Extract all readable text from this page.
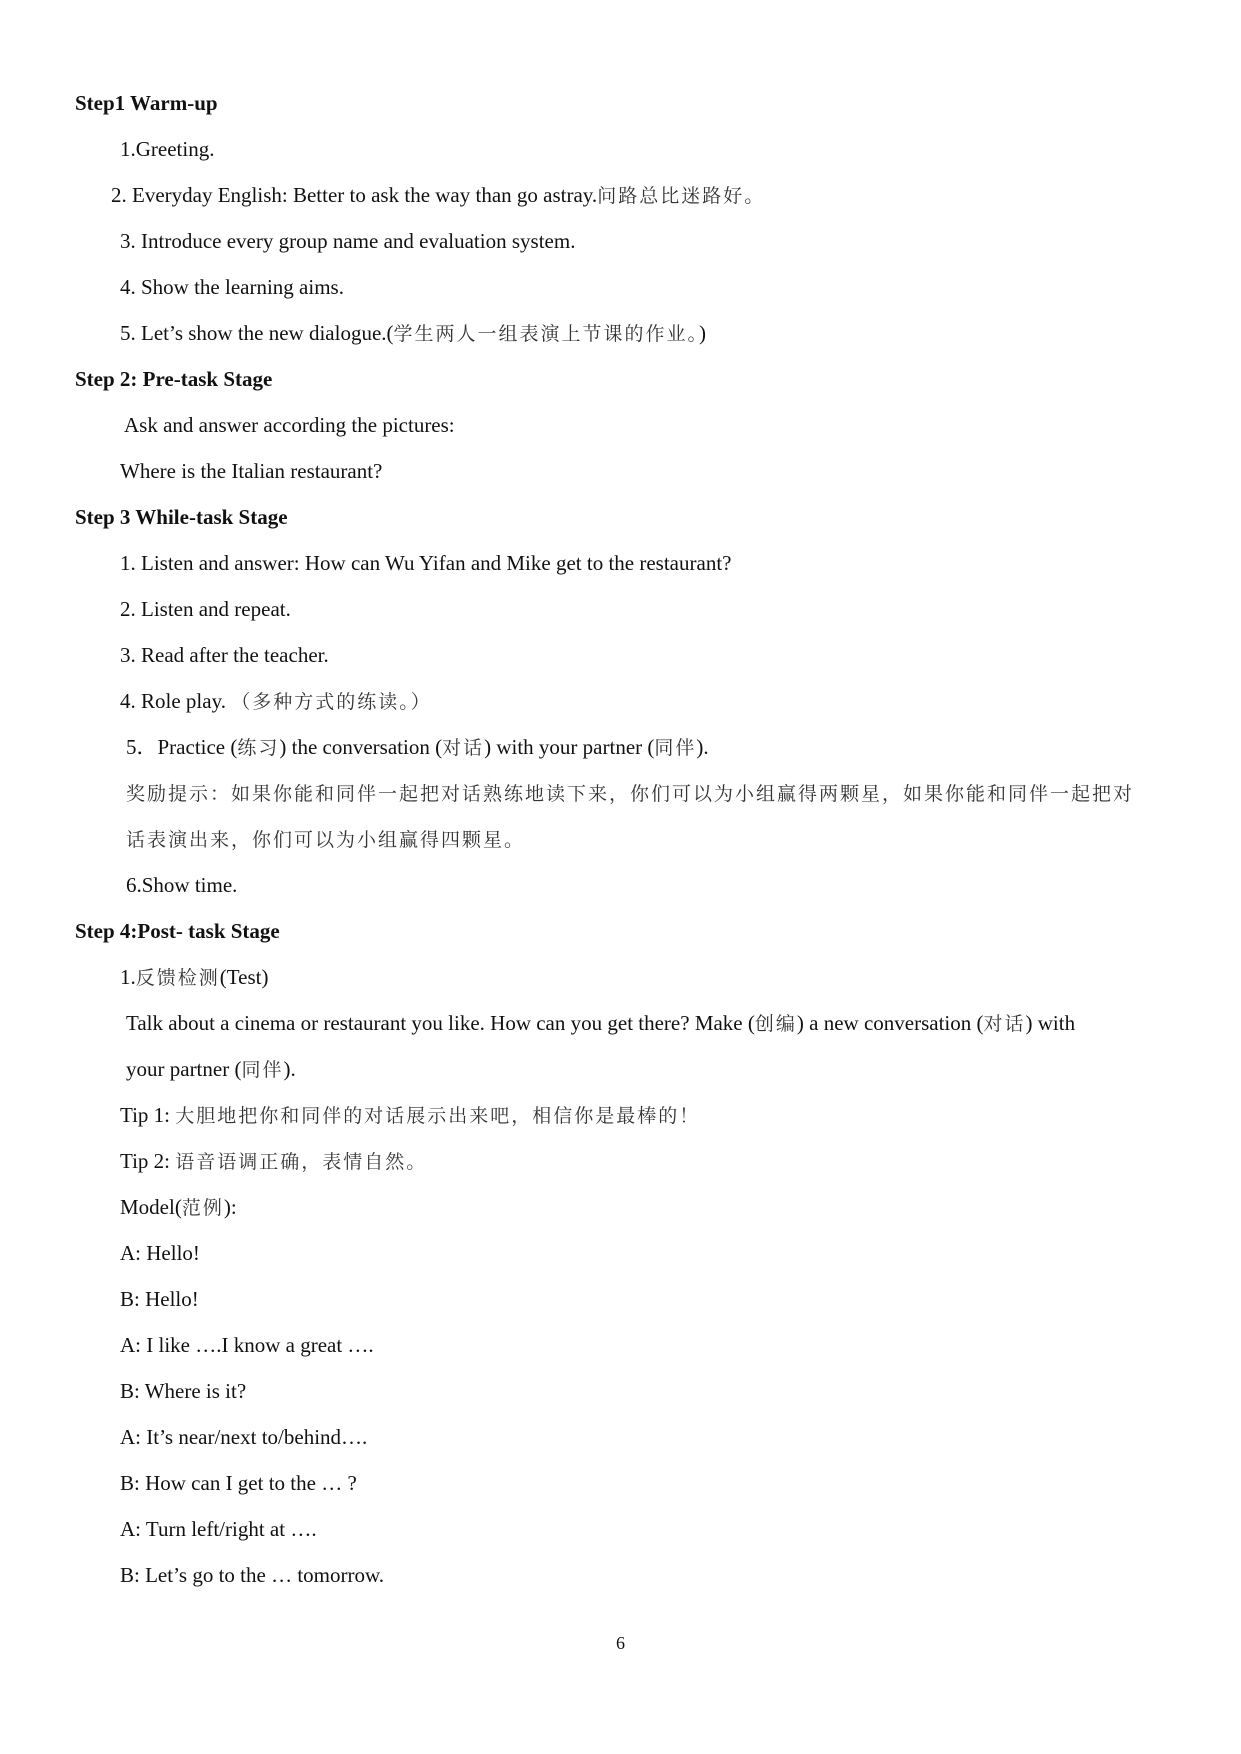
Step1 Warm-up
1.Greeting.
2. Everyday English: Better to ask the way than go astray.问路总比迷路好。
3. Introduce every group name and evaluation system.
4. Show the learning aims.
5. Let’s show the new dialogue.(学生两人一组表演上节课的作业。)
Step 2: Pre-task Stage
Ask and answer according the pictures:
Where is the Italian restaurant?
Step 3 While-task Stage
1. Listen and answer: How can Wu Yifan and Mike get to the restaurant?
2. Listen and repeat.
3. Read after the teacher.
4. Role play. （多种方式的练读。）
5．Practice (练习) the conversation (对话) with your partner (同伴).
奖励提示：如果你能和同伴一起把对话熟练地读下来，你们可以为小组赢得两颗星，如果你能和同伴一起把对
话表演出来，你们可以为小组赢得四颗星。
6.Show time.
Step 4:Post- task Stage
1.反馈检测(Test)
Talk about a cinema or restaurant you like. How can you get there? Make (创编) a new conversation (对话) with
your partner (同伴).
Tip 1: 大胆地把你和同伴的对话展示出来吧，相信你是最棒的！
Tip 2: 语音语调正确，表情自然。
Model(范例):
A: Hello!
B: Hello!
A: I like ….I know a great ….
B: Where is it?
A: It’s near/next to/behind….
B: How can I get to the … ?
A: Turn left/right at ….
B: Let’s go to the … tomorrow.
6
